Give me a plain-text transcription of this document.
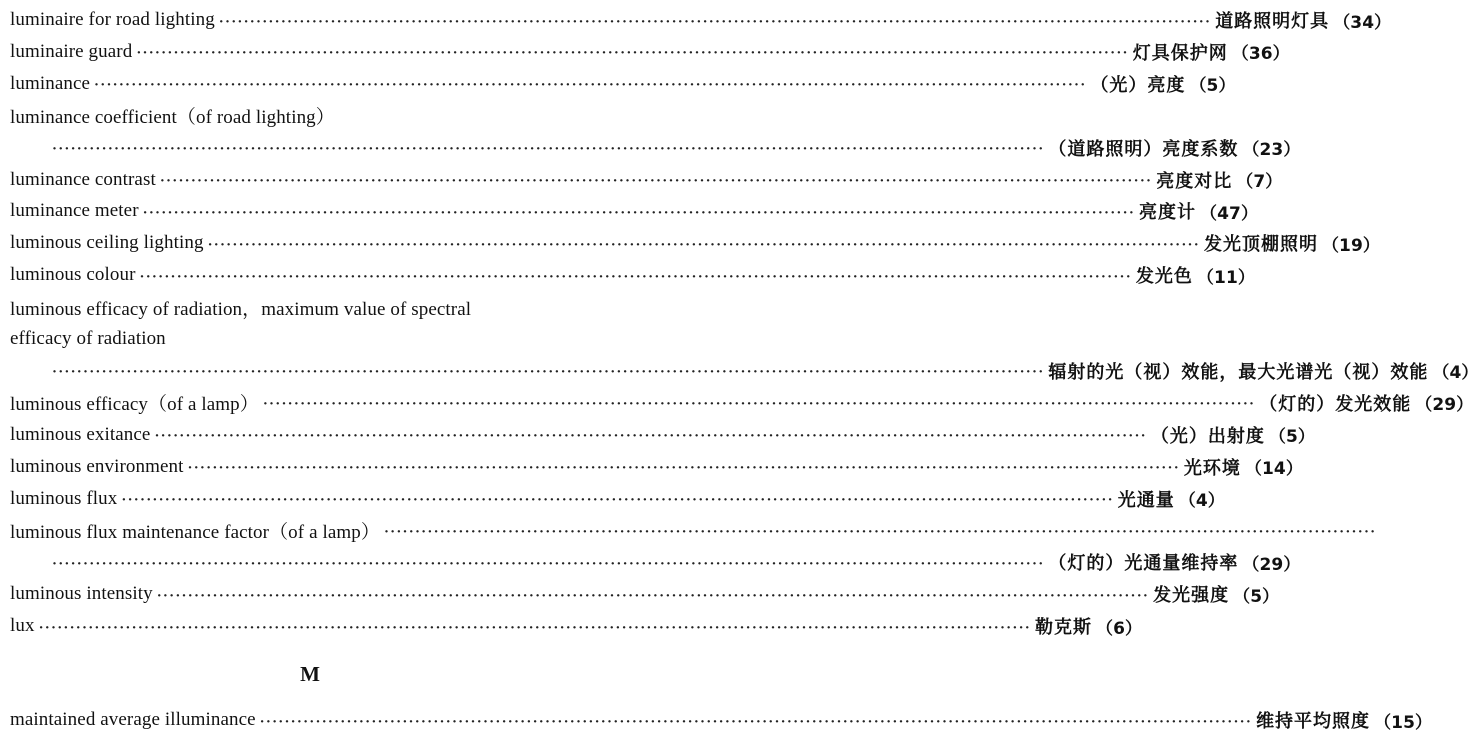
luminaire for road lighting ································································································································································ 道路照明灯具 （34）
luminaire guard ································································································································································ 灯具保护网 （36）
luminance ································································································································································ （光）亮度 （5）
luminance coefficient（of road lighting）
································································································································································ （道路照明）亮度系数 （23）
luminance contrast ································································································································································ 亮度对比 （7）
luminance meter ································································································································································ 亮度计 （47）
luminous ceiling lighting ································································································································································ 发光顶棚照明 （19）
luminous colour ································································································································································ 发光色 （11）
luminous efficacy of radiation，maximum value of spectral
efficacy of radiation
································································································································································ 辐射的光（视）效能，最大光谱光（视）效能 （4）
luminous efficacy（of a lamp） ································································································································································ （灯的）发光效能 （29）
luminous exitance ································································································································································ （光）出射度 （5）
luminous environment ································································································································································ 光环境 （14）
luminous flux ································································································································································ 光通量 （4）
luminous flux maintenance factor（of a lamp） ································································································································································
································································································································································ （灯的）光通量维持率 （29）
luminous intensity ································································································································································ 发光强度 （5）
lux ································································································································································ 勒克斯 （6）
M
maintained average illuminance ································································································································································ 维持平均照度 （15）
